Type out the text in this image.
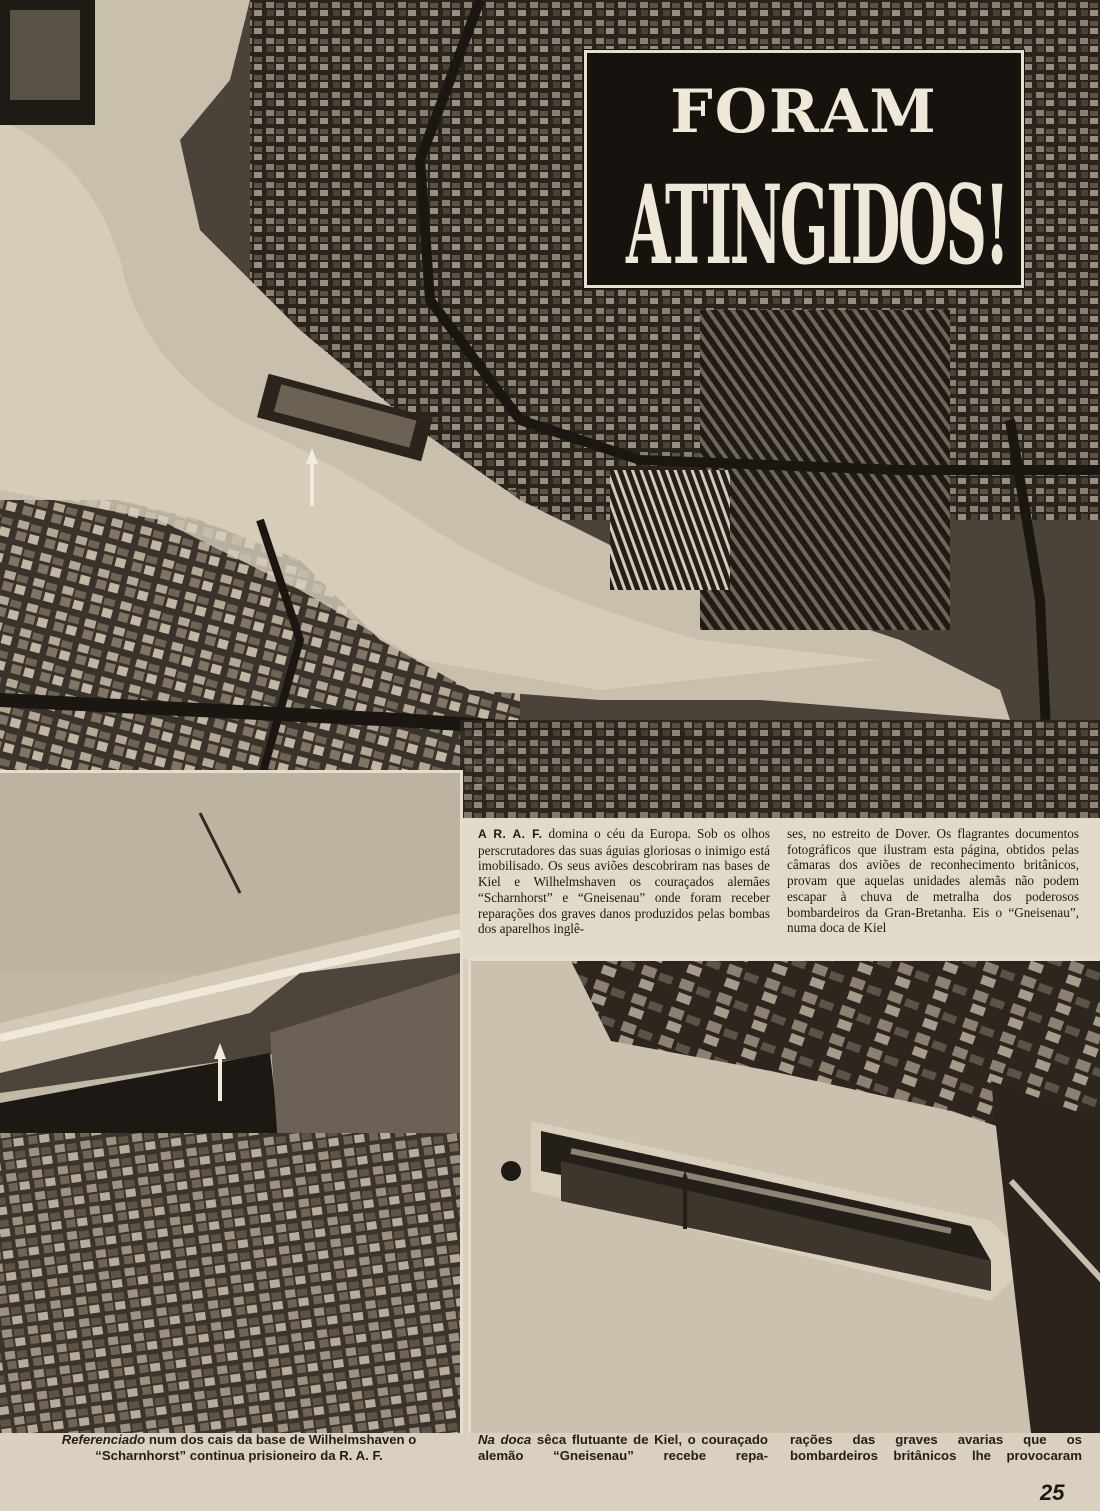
FORAM
ATINGIDOS!
A R. A. F. domina o céu da Europa. Sob os olhos perscrutadores das suas águias gloriosas o inimigo está imobilisado. Os seus aviões descobriram nas bases de Kiel e Wilhelmshaven os couraçados alemães “Scharnhorst” e “Gneisenau” onde foram receber reparações dos graves danos produzidos pelas bombas dos aparelhos inglê-
ses, no estreito de Dover. Os flagrantes documentos fotográficos que ilustram esta página, obtidos pelas câmaras dos aviões de reconhecimento britânicos, provam que aquelas unidades alemãs não podem escapar à chuva de metralha dos poderosos bombardeiros da Gran-Bretanha. Eis o “Gneisenau”, numa doca de Kiel
Referenciado num dos cais da base de Wilhelmshaven o “Scharnhorst” continua prisioneiro da R. A. F.
Na doca sêca flutuante de Kiel, o couraçado alemão “Gneisenau” recebe repa-
rações das graves avarias que os bombardeiros britânicos lhe provocaram
25
